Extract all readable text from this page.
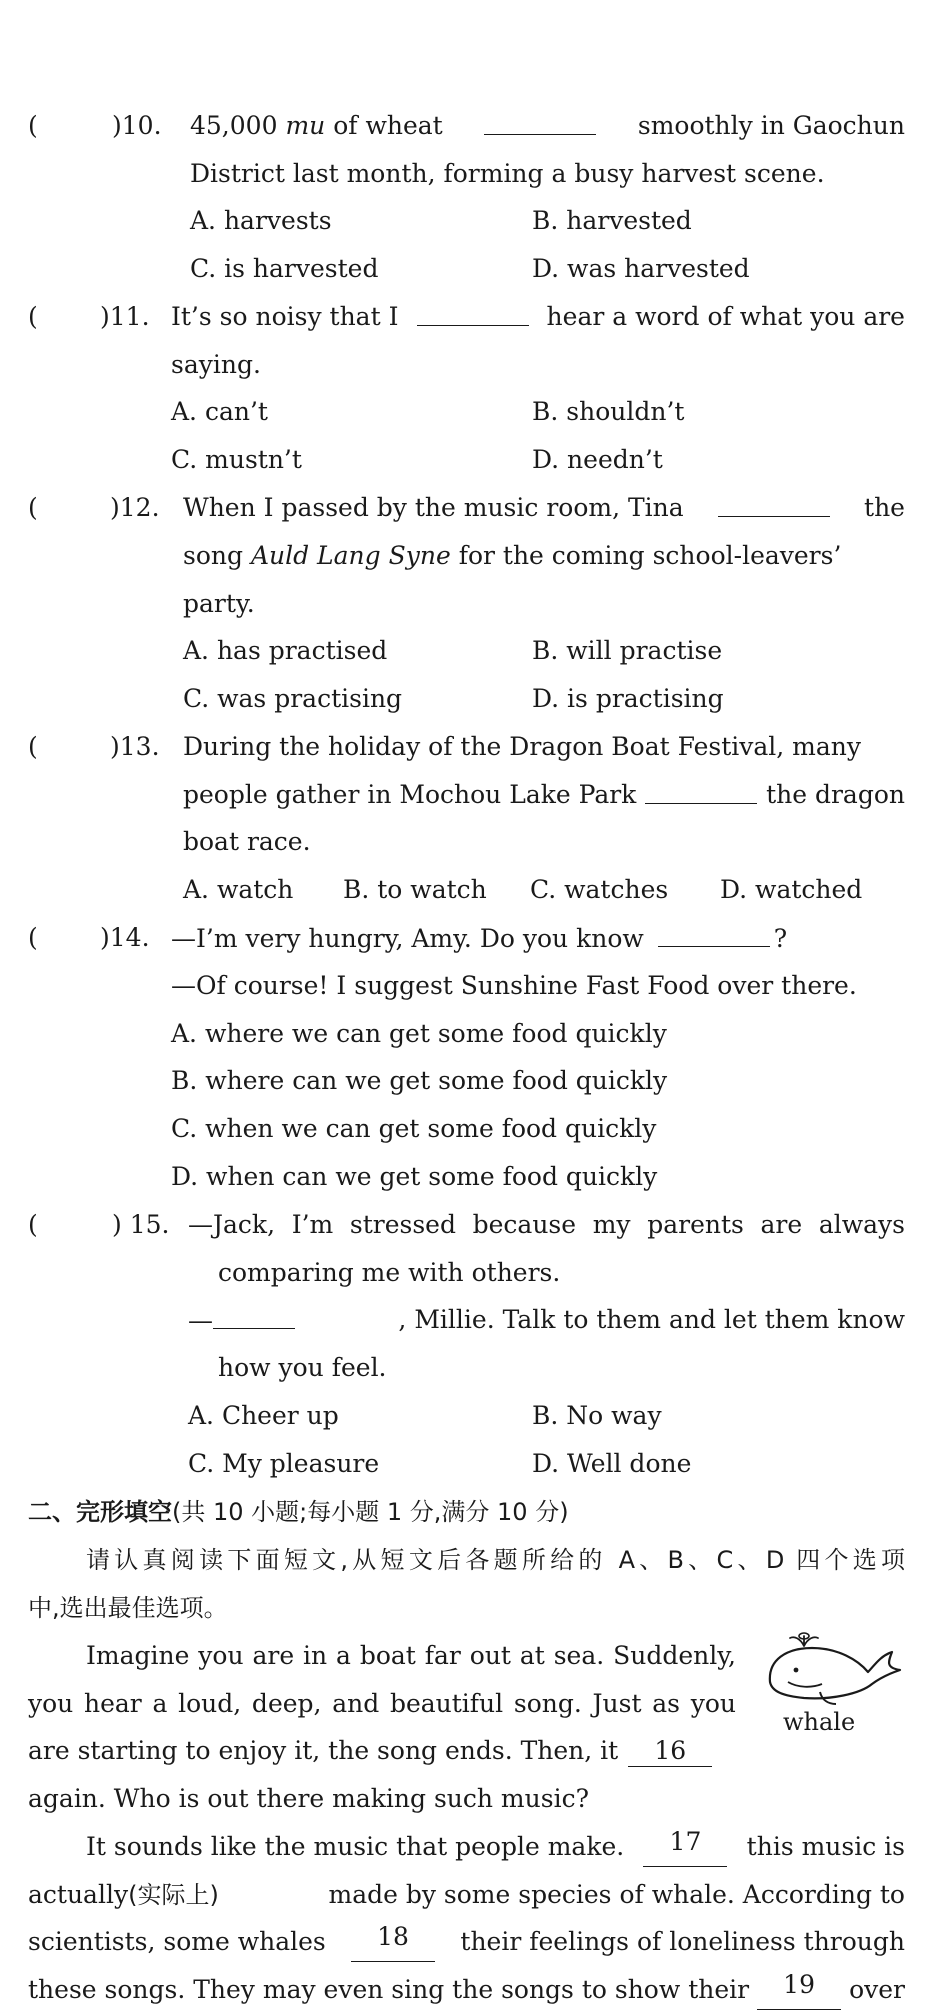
(	)10. 45,000 mu of wheat	smoothly in Gaochun
District last month, forming a busy harvest scene.
A. harvests	B. harvested
C. is harvested	D. was harvested
( )11. It’s so noisy that I	hear a word of what you are
saying.
A. can’t	B. shouldn’t
C. mustn’t	D. needn’t
(	)12. When I passed by the music room, Tina	the
song Auld Lang Syne for the coming school-leavers’
party.
A. has practised	B. will practise
C. was practising	D. is practising
(	)13. During the holiday of the Dragon Boat Festival, many
people gather in Mochou Lake Park	the dragon
boat race.
A. watch B. to watch C. watches D. watched
( )14. —I’m very hungry, Amy. Do you know	?
—Of course! I suggest Sunshine Fast Food over there.
A. where we can get some food quickly
B. where can we get some food quickly
C. when we can get some food quickly
D. when can we get some food quickly
(	) 15. —Jack, I’m stressed because my parents are always
comparing me with others.
—	, Millie. Talk to them and let them know
how you feel.
A. Cheer up	B. No way
C. My pleasure	D. Well done
二、完形填空(共 10 小题;每小题 1 分,满分 10 分)
请认真阅读下面短文,从短文后各题所给的 A、B、C、D 四个选项
中,选出最佳选项。
Imagine you are in a boat far out at sea. Suddenly,
you hear a loud, deep, and beautiful song. Just as you
are starting to enjoy it, the song ends. Then, it 16
again. Who is out there making such music?
It sounds like the music that people make.	17	this music is
actually(实际上)	made by some species of whale. According to
scientists, some whales	18	their feelings of loneliness through
these songs. They may even sing the songs to show their	19	over
whale
